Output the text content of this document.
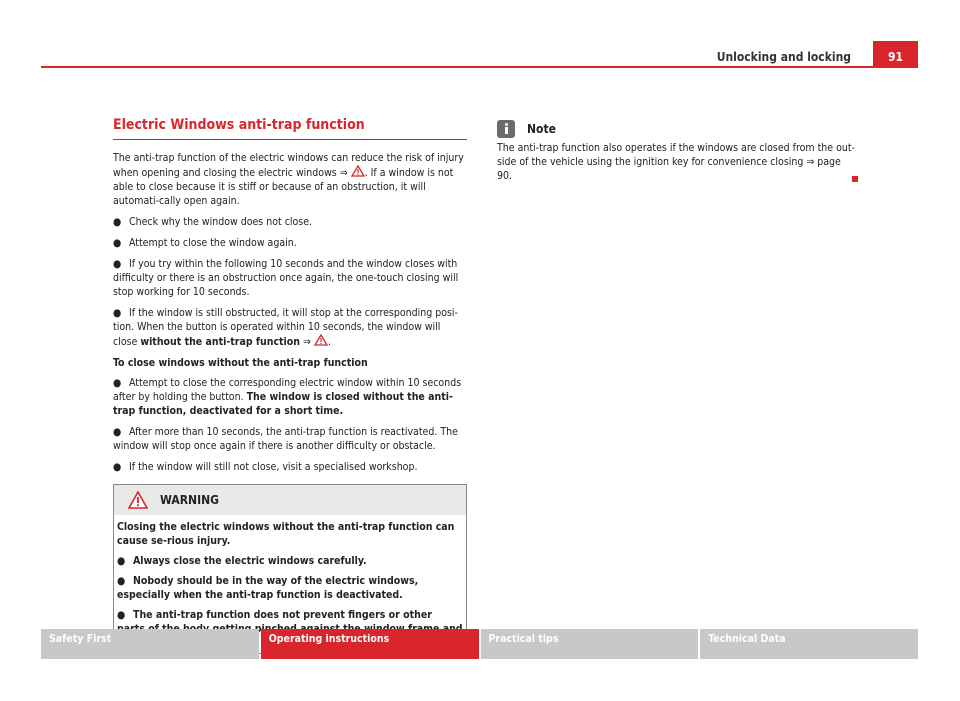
91
Unlocking and locking
Electric Windows anti-trap function

The anti-trap function of the electric windows can reduce the risk of injury when opening and closing the electric windows ⇒ . If a window is not able to close because it is stiff or because of an obstruction, it will automati-cally open again.

● Check why the window does not close.
● Attempt to close the window again.
● If you try within the following 10 seconds and the window closes with difficulty or there is an obstruction once again, the one-touch closing will stop working for 10 seconds.
● If the window is still obstructed, it will stop at the corresponding posi-tion. When the button is operated within 10 seconds, the window will close without the anti-trap function ⇒ .
To close windows without the anti-trap function
● Attempt to close the corresponding electric window within 10 seconds after by holding the button. The window is closed without the anti-trap function, deactivated for a short time.
● After more than 10 seconds, the anti-trap function is reactivated. The window will stop once again if there is another difficulty or obstacle.
● If the window will still not close, visit a specialised workshop.
WARNING

Closing the electric windows without the anti-trap function can cause se-rious injury.

● Always close the electric windows carefully.
● Nobody should be in the way of the electric windows, especially when the anti-trap function is deactivated.
● The anti-trap function does not prevent fingers or other
Note

The anti-trap function also operates if the windows are closed from the out-side of the vehicle using the ignition key for convenience closing ⇒ page 90.

Safety First	Operating instructions	Practical tips	Technical Data
